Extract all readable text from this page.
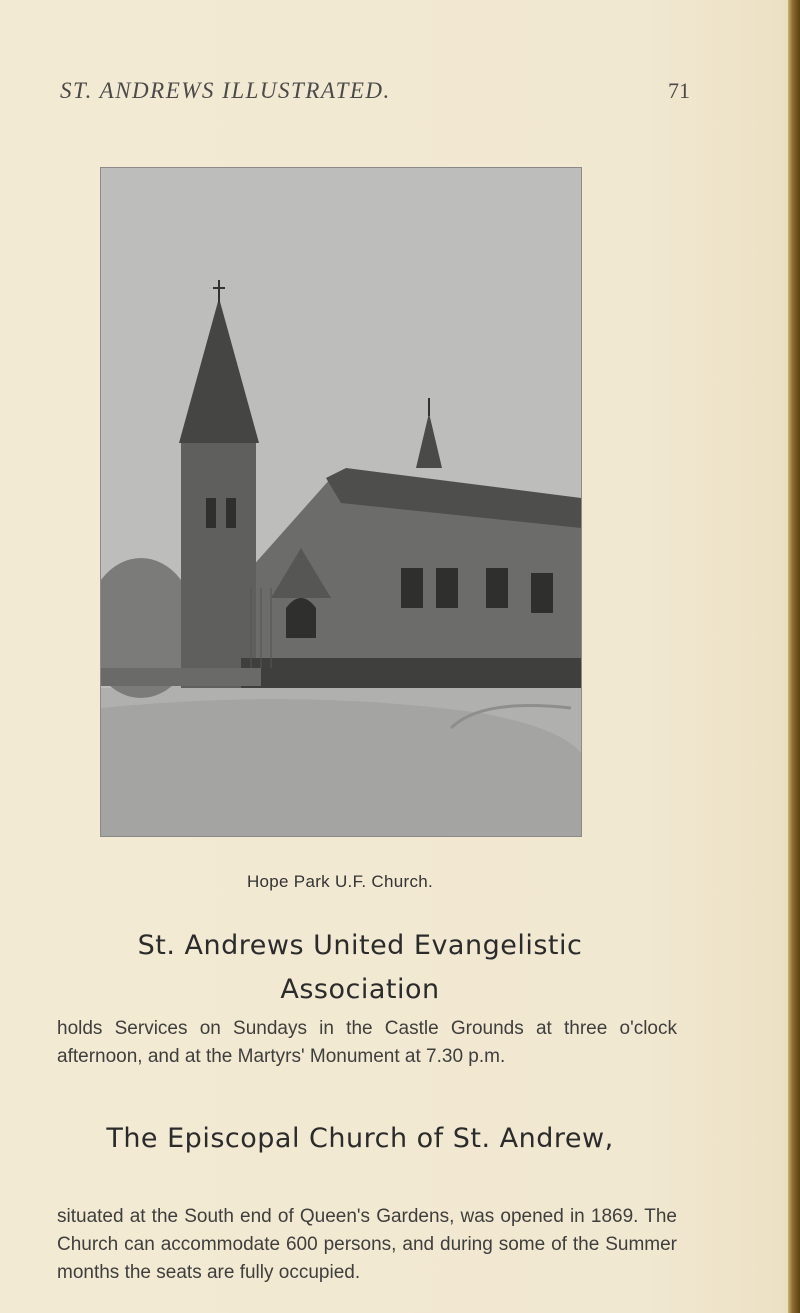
ST. ANDREWS ILLUSTRATED.	71
Hope Park U.F. Church.
St. Andrews United Evangelistic
Association

holds Services on Sundays in the Castle Grounds at three o'clock afternoon, and at the Martyrs' Monument at 7.30 p.m.

The Episcopal Church of St. Andrew,

situated at the South end of Queen's Gardens, was opened in 1869. The Church can accommodate 600 persons, and during some of the Summer months the seats are fully occupied.
